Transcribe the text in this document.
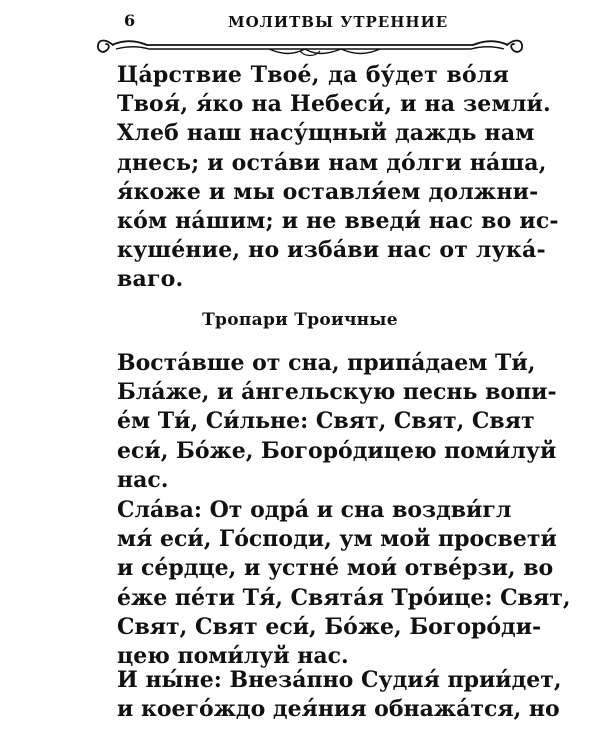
6	МОЛИТВЫ УТРЕННИЕ
Ца́рствие Твое́, да бу́дет во́ля
Твоя́, я́ко на Небеси́, и на земли́.
Хлеб наш насу́щный даждь нам
днесь; и оста́ви нам до́лги на́ша,
я́коже и мы оставля́ем должни-
ко́м на́шим; и не введи́ нас во ис-
куше́ние, но изба́ви нас от лука́-
ваго.
Тропари Троичные
Воста́вше от сна, припа́даем Ти́,
Бла́же, и а́нгельскую песнь вопи-
е́м Ти́, Си́льне: Свят, Свят, Свят
еси́, Бо́же, Богоро́дицею поми́луй
нас.
Сла́ва: От одра́ и сна воздви́гл
мя́ еси́, Го́споди, ум мой просвети́
и се́рдце, и устне́ мои́ отве́рзи, во
е́же пе́ти Тя́, Свята́я Тро́ице: Свят,
Свят, Свят еси́, Бо́же, Богоро́ди-
цею поми́луй нас.
И ны́не: Внеза́пно Судия́ прии́дет,
и коего́ждо дея́ния обнажа́тся, но
